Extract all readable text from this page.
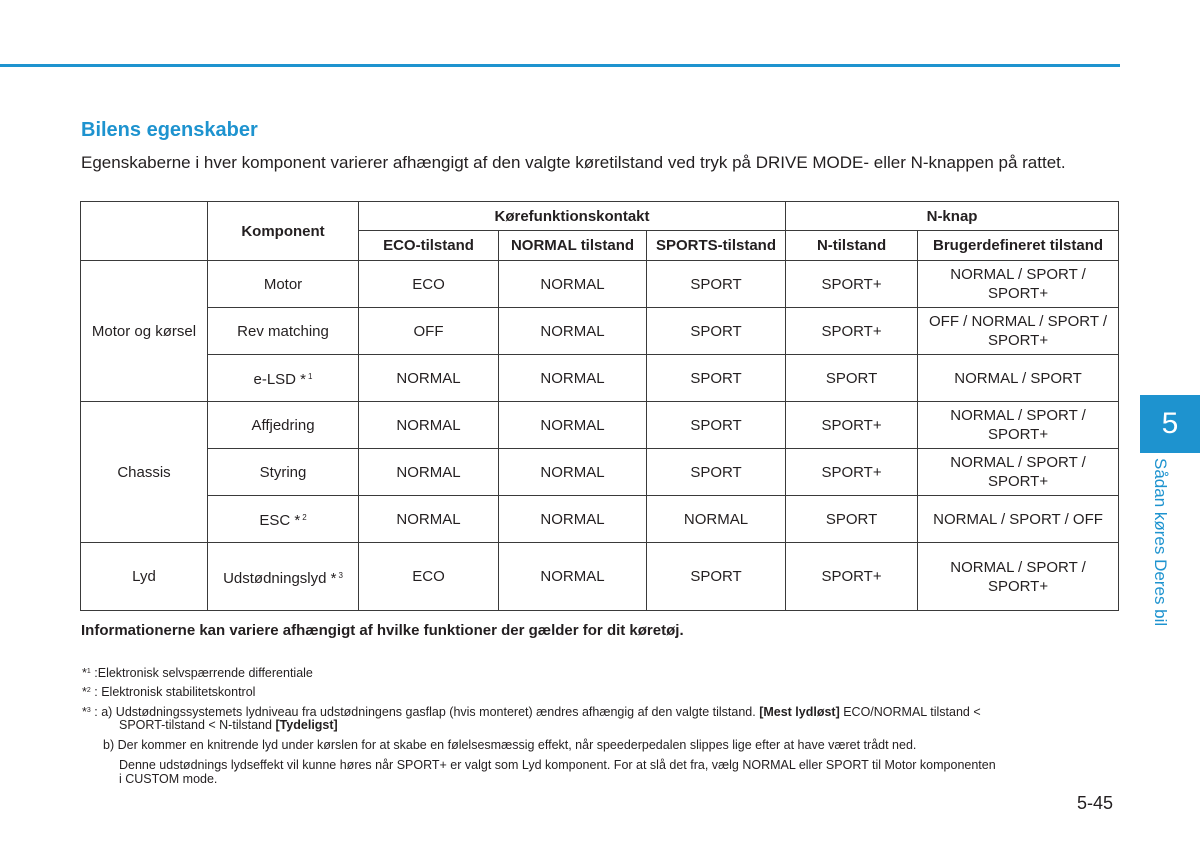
Bilens egenskaber

Egenskaberne i hver komponent varierer afhængigt af den valgte køretilstand ved tryk på DRIVE MODE- eller N-knappen på rattet.

	Komponent	Kørefunktionskontakt			N-knap	
		ECO-tilstand	NORMAL tilstand	SPORTS-tilstand	N-tilstand	Brugerdefineret tilstand
Motor og kørsel	Motor	ECO	NORMAL	SPORT	SPORT+	NORMAL / SPORT / SPORT+
	Rev matching	OFF	NORMAL	SPORT	SPORT+	OFF / NORMAL / SPORT / SPORT+
	e-LSD * $^1$	NORMAL	NORMAL	SPORT	SPORT	NORMAL / SPORT
Chassis	Affjedring	NORMAL	NORMAL	SPORT	SPORT+	NORMAL / SPORT / SPORT+
	Styring	NORMAL	NORMAL	SPORT	SPORT+	NORMAL / SPORT / SPORT+
	ESC * $^2$	NORMAL	NORMAL	NORMAL	SPORT	NORMAL / SPORT / OFF
Lyd	Udstødningslyd * $^3$	ECO	NORMAL	SPORT	SPORT+	NORMAL / SPORT / SPORT+

Informationerne kan variere afhængigt af hvilke funktioner der gælder for dit køretøj.

*$^1$ :Elektronisk selvspærrende differentiale

*$^2$ : Elektronisk stabilitetskontrol

*$^3$ : a) Udstødningssystemets lydniveau fra udstødningens gasflap (hvis monteret) ændres afhængig af den valgte tilstand. [Mest lydløst] ECO/NORMAL tilstand <

SPORT-tilstand < N-tilstand [Tydeligst]

b) Der kommer en knitrende lyd under kørslen for at skabe en følelsesmæssig effekt, når speederpedalen slippes lige efter at have været trådt ned.

Denne udstødnings lydseffekt vil kunne høres når SPORT+ er valgt som Lyd komponent. For at slå det fra, vælg NORMAL eller SPORT til Motor komponenten

i CUSTOM mode.

5-45
5
Sådan køres Deres bil
